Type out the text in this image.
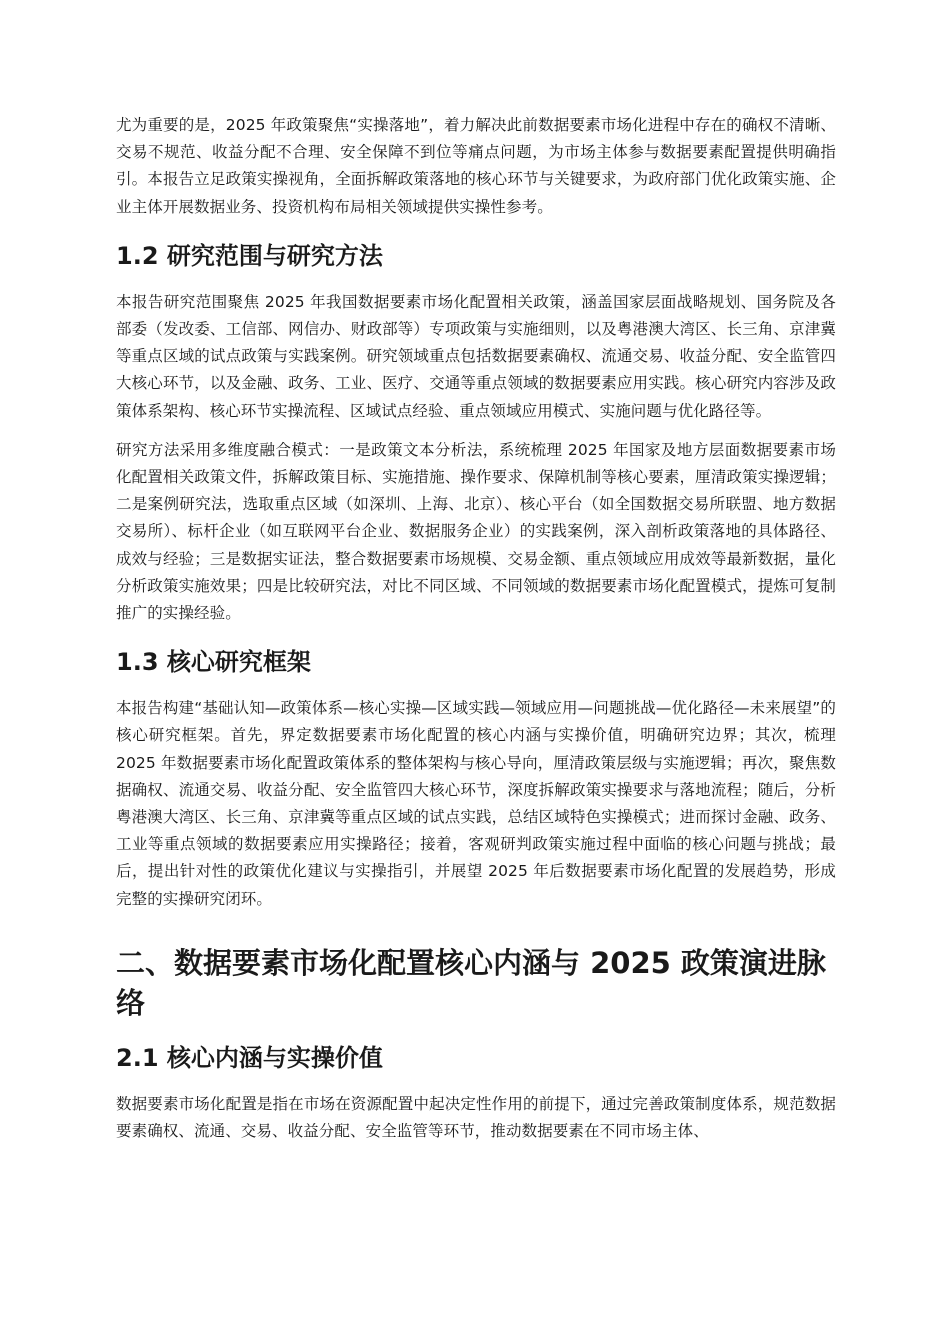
尤为重要的是，2025 年政策聚焦“实操落地”，着力解决此前数据要素市场化进程中存在的确权不清晰、交易不规范、收益分配不合理、安全保障不到位等痛点问题，为市场主体参与数据要素配置提供明确指引。本报告立足政策实操视角，全面拆解政策落地的核心环节与关键要求，为政府部门优化政策实施、企业主体开展数据业务、投资机构布局相关领域提供实操性参考。

1.2 研究范围与研究方法

本报告研究范围聚焦 2025 年我国数据要素市场化配置相关政策，涵盖国家层面战略规划、国务院及各部委（发改委、工信部、网信办、财政部等）专项政策与实施细则，以及粤港澳大湾区、长三角、京津冀等重点区域的试点政策与实践案例。研究领域重点包括数据要素确权、流通交易、收益分配、安全监管四大核心环节，以及金融、政务、工业、医疗、交通等重点领域的数据要素应用实践。核心研究内容涉及政策体系架构、核心环节实操流程、区域试点经验、重点领域应用模式、实施问题与优化路径等。

研究方法采用多维度融合模式：一是政策文本分析法，系统梳理 2025 年国家及地方层面数据要素市场化配置相关政策文件，拆解政策目标、实施措施、操作要求、保障机制等核心要素，厘清政策实操逻辑；二是案例研究法，选取重点区域（如深圳、上海、北京）、核心平台（如全国数据交易所联盟、地方数据交易所）、标杆企业（如互联网平台企业、数据服务企业）的实践案例，深入剖析政策落地的具体路径、成效与经验；三是数据实证法，整合数据要素市场规模、交易金额、重点领域应用成效等最新数据，量化分析政策实施效果；四是比较研究法，对比不同区域、不同领域的数据要素市场化配置模式，提炼可复制推广的实操经验。

1.3 核心研究框架

本报告构建“基础认知—政策体系—核心实操—区域实践—领域应用—问题挑战—优化路径—未来展望”的核心研究框架。首先，界定数据要素市场化配置的核心内涵与实操价值，明确研究边界；其次，梳理 2025 年数据要素市场化配置政策体系的整体架构与核心导向，厘清政策层级与实施逻辑；再次，聚焦数据确权、流通交易、收益分配、安全监管四大核心环节，深度拆解政策实操要求与落地流程；随后，分析粤港澳大湾区、长三角、京津冀等重点区域的试点实践，总结区域特色实操模式；进而探讨金融、政务、工业等重点领域的数据要素应用实操路径；接着，客观研判政策实施过程中面临的核心问题与挑战；最后，提出针对性的政策优化建议与实操指引，并展望 2025 年后数据要素市场化配置的发展趋势，形成完整的实操研究闭环。

二、数据要素市场化配置核心内涵与 2025 政策演进脉络
2.1 核心内涵与实操价值

数据要素市场化配置是指在市场在资源配置中起决定性作用的前提下，通过完善政策制度体系，规范数据要素确权、流通、交易、收益分配、安全监管等环节，推动数据要素在不同市场主体、
